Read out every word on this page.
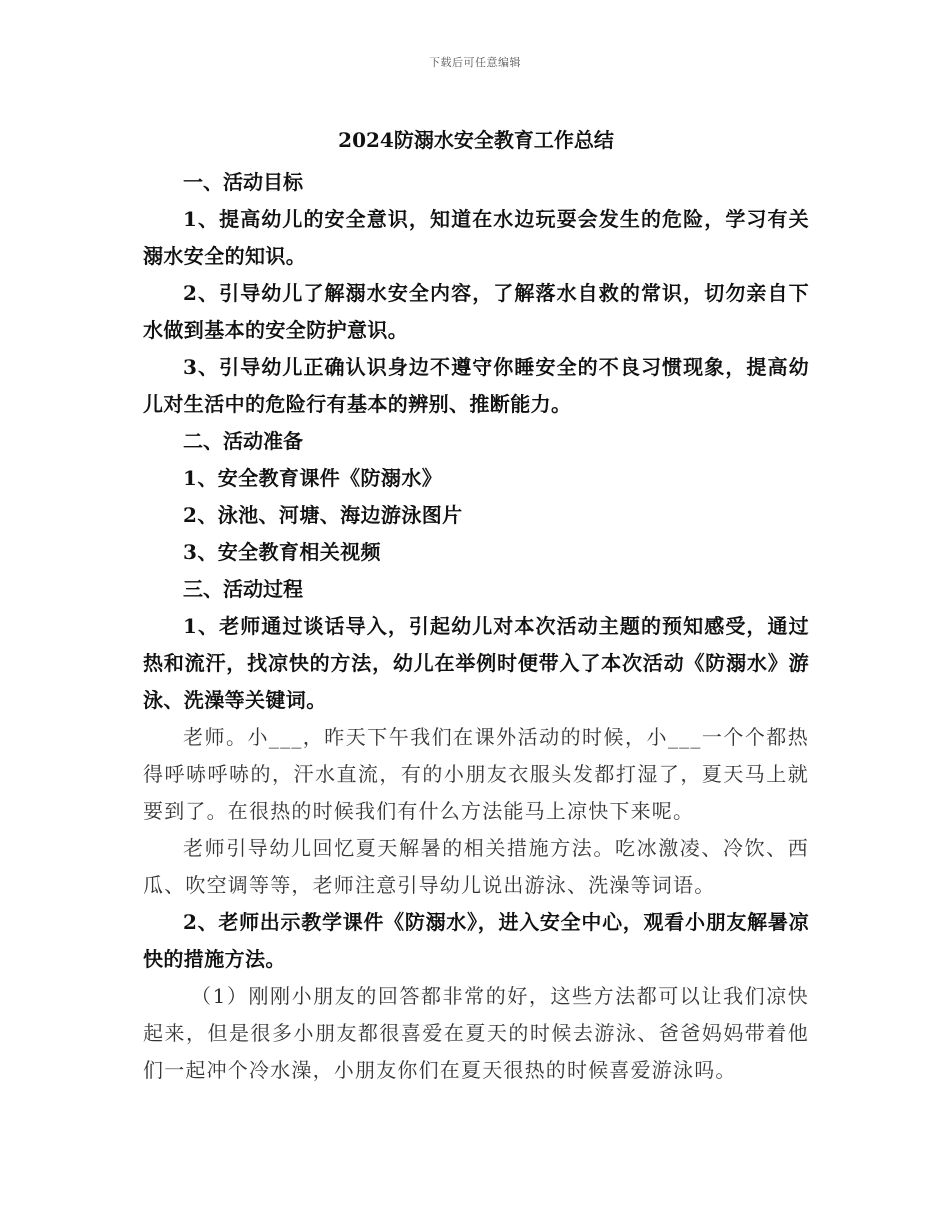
下载后可任意编辑
2024防溺水安全教育工作总结

一、活动目标

1、提高幼儿的安全意识，知道在水边玩耍会发生的危险，学习有关溺水安全的知识。

2、引导幼儿了解溺水安全内容，了解落水自救的常识，切勿亲自下水做到基本的安全防护意识。

3、引导幼儿正确认识身边不遵守你睡安全的不良习惯现象，提高幼儿对生活中的危险行有基本的辨别、推断能力。

二、活动准备

1、安全教育课件《防溺水》

2、泳池、河塘、海边游泳图片

3、安全教育相关视频

三、活动过程

1、老师通过谈话导入，引起幼儿对本次活动主题的预知感受，通过热和流汗，找凉快的方法，幼儿在举例时便带入了本次活动《防溺水》游泳、洗澡等关键词。

老师。小___，昨天下午我们在课外活动的时候，小___一个个都热得呼哧呼哧的，汗水直流，有的小朋友衣服头发都打湿了，夏天马上就要到了。在很热的时候我们有什么方法能马上凉快下来呢。

老师引导幼儿回忆夏天解暑的相关措施方法。吃冰激凌、冷饮、西瓜、吹空调等等，老师注意引导幼儿说出游泳、洗澡等词语。

2、老师出示教学课件《防溺水》，进入安全中心，观看小朋友解暑凉快的措施方法。

（1）刚刚小朋友的回答都非常的好，这些方法都可以让我们凉快起来，但是很多小朋友都很喜爱在夏天的时候去游泳、爸爸妈妈带着他们一起冲个冷水澡，小朋友你们在夏天很热的时候喜爱游泳吗。
